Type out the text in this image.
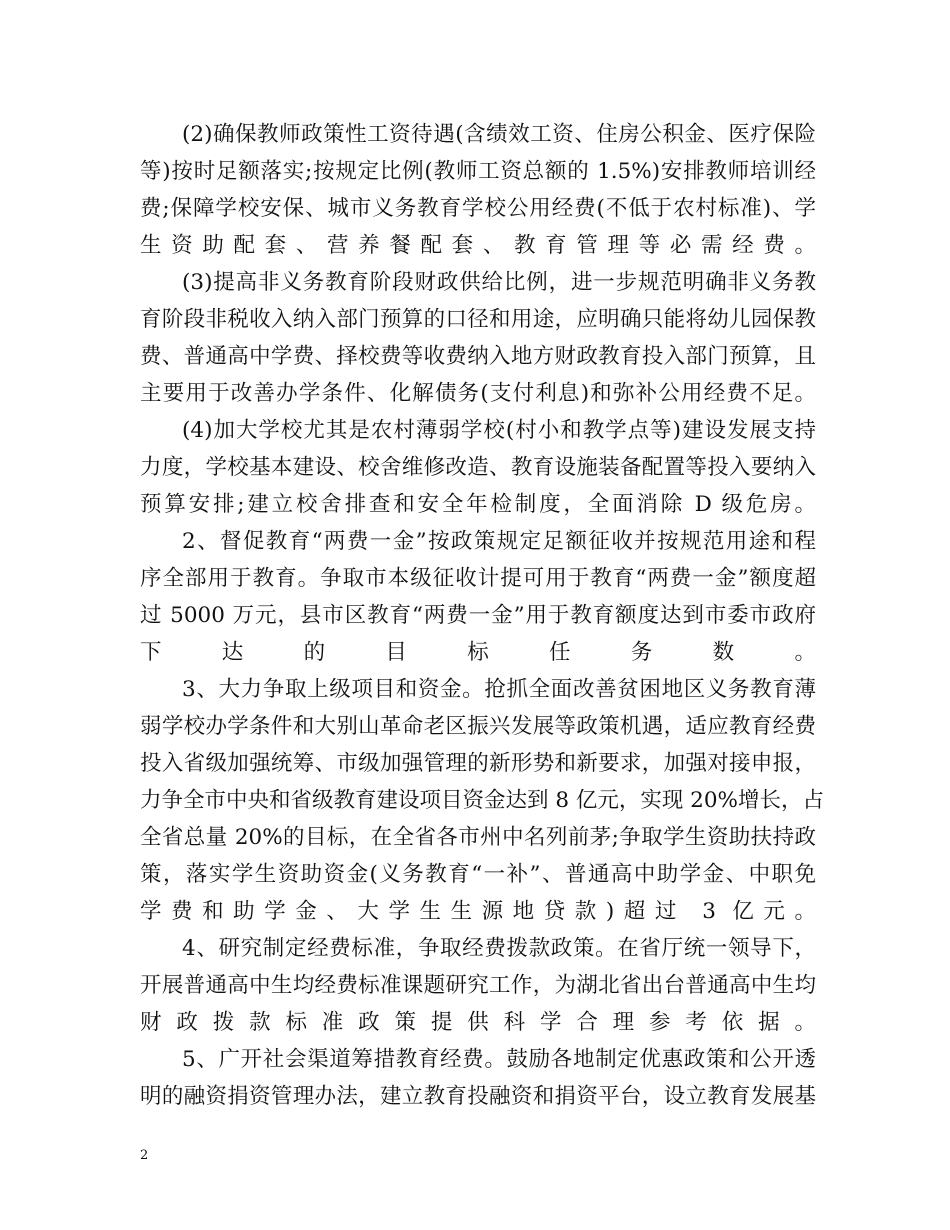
(2)确保教师政策性工资待遇(含绩效工资、住房公积金、医疗保险
等)按时足额落实;按规定比例(教师工资总额的 1.5%)安排教师培训经
费;保障学校安保、城市义务教育学校公用经费(不低于农村标准)、学
生资助配套、营养餐配套、教育管理等必需经费。
(3)提高非义务教育阶段财政供给比例，进一步规范明确非义务教
育阶段非税收入纳入部门预算的口径和用途，应明确只能将幼儿园保教
费、普通高中学费、择校费等收费纳入地方财政教育投入部门预算，且
主要用于改善办学条件、化解债务(支付利息)和弥补公用经费不足。
(4)加大学校尤其是农村薄弱学校(村小和教学点等)建设发展支持
力度，学校基本建设、校舍维修改造、教育设施装备配置等投入要纳入
预算安排;建立校舍排查和安全年检制度，全面消除 D 级危房。
2、督促教育“两费一金”按政策规定足额征收并按规范用途和程
序全部用于教育。争取市本级征收计提可用于教育“两费一金”额度超
过 5000 万元，县市区教育“两费一金”用于教育额度达到市委市政府
下达的目标任务数。
3、大力争取上级项目和资金。抢抓全面改善贫困地区义务教育薄
弱学校办学条件和大别山革命老区振兴发展等政策机遇，适应教育经费
投入省级加强统筹、市级加强管理的新形势和新要求，加强对接申报，
力争全市中央和省级教育建设项目资金达到 8 亿元，实现 20%增长，占
全省总量 20%的目标，在全省各市州中名列前茅;争取学生资助扶持政
策，落实学生资助资金(义务教育“一补”、普通高中助学金、中职免
学费和助学金、大学生生源地贷款)超过 3 亿元。
4、研究制定经费标准，争取经费拨款政策。在省厅统一领导下，
开展普通高中生均经费标准课题研究工作，为湖北省出台普通高中生均
财政拨款标准政策提供科学合理参考依据。
5、广开社会渠道筹措教育经费。鼓励各地制定优惠政策和公开透
明的融资捐资管理办法，建立教育投融资和捐资平台，设立教育发展基
2
